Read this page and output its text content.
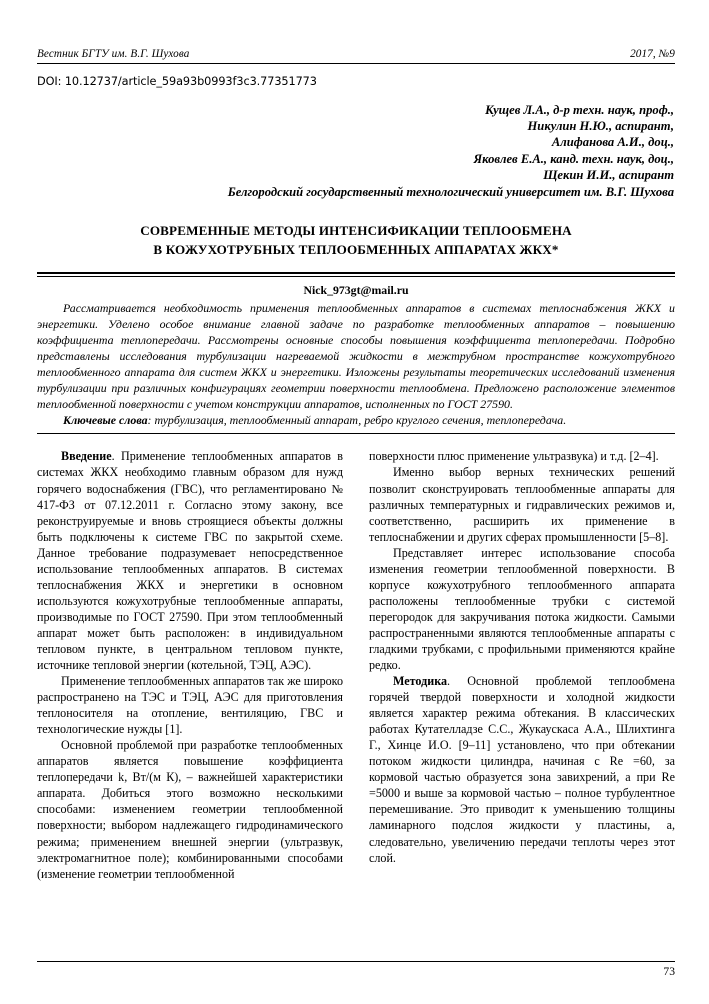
Вестник БГТУ им. В.Г. Шухова	2017, №9
DOI: 10.12737/article_59a93b0993f3c3.77351773
Кущев Л.А., д-р техн. наук, проф.,
Никулин Н.Ю., аспирант,
Алифанова А.И., доц.,
Яковлев Е.А., канд. техн. наук, доц.,
Щекин И.И., аспирант
Белгородский государственный технологический университет им. В.Г. Шухова
СОВРЕМЕННЫЕ МЕТОДЫ ИНТЕНСИФИКАЦИИ ТЕПЛООБМЕНА
В КОЖУХОТРУБНЫХ ТЕПЛООБМЕННЫХ АППАРАТАХ ЖКХ*
Nick_973gt@mail.ru

Рассматривается необходимость применения теплообменных аппаратов в системах теплоснабжения ЖКХ и энергетики. Уделено особое внимание главной задаче по разработке теплообменных аппаратов – повышению коэффициента теплопередачи. Рассмотрены основные способы повышения коэффициента теплопередачи. Подробно представлены исследования турбулизации нагреваемой жидкости в межтрубном пространстве кожухотрубного теплообменного аппарата для систем ЖКХ и энергетики. Изложены результаты теоретических исследований изменения турбулизации при различных конфигурациях геометрии поверхности теплообмена. Предложено расположение элементов теплообменной поверхности с учетом конструкции аппаратов, исполненных по ГОСТ 27590.

Ключевые слова: турбулизация, теплообменный аппарат, ребро круглого сечения, теплопередача.

Введение. Применение теплообменных аппаратов в системах ЖКХ необходимо главным образом для нужд горячего водоснабжения (ГВС), что регламентировано № 417-ФЗ от 07.12.2011 г. Согласно этому закону, все реконструируемые и вновь строящиеся объекты должны быть подключены к системе ГВС по закрытой схеме. Данное требование подразумевает непосредственное использование теплообменных аппаратов. В системах теплоснабжения ЖКХ и энергетики в основном используются кожухотрубные теплообменные аппараты, производимые по ГОСТ 27590. При этом теплообменный аппарат может быть расположен: в индивидуальном тепловом пункте, в центральном тепловом пункте, источнике тепловой энергии (котельной, ТЭЦ, АЭС).

Применение теплообменных аппаратов так же широко распространено на ТЭС и ТЭЦ, АЭС для приготовления теплоносителя на отопление, вентиляцию, ГВС и технологические нужды [1].

Основной проблемой при разработке теплообменных аппаратов является повышение коэффициента теплопередачи k, Вт/(м К), – важнейшей характеристики аппарата. Добиться этого возможно несколькими способами: изменением геометрии теплообменной поверхности; выбором надлежащего гидродинамического режима; применением внешней энергии (ультразвук, электромагнитное поле); комбинированными способами (изменение геометрии теплообменной

поверхности плюс применение ультразвука) и т.д. [2–4].

Именно выбор верных технических решений позволит сконструировать теплообменные аппараты для различных температурных и гидравлических режимов и, соответственно, расширить их применение в теплоснабжении и других сферах промышленности [5–8].

Представляет интерес использование способа изменения геометрии теплообменной поверхности. В корпусе кожухотрубного теплообменного аппарата расположены теплообменные трубки с системой перегородок для закручивания потока жидкости. Самыми распространенными являются теплообменные аппараты с гладкими трубками, с профильными применяются крайне редко.

Методика. Основной проблемой теплообмена горячей твердой поверхности и холодной жидкости является характер режима обтекания. В классических работах Кутателладзе С.С., Жукаускаса А.А., Шлихтинга Г., Хинце И.О. [9–11] установлено, что при обтекании потоком жидкости цилиндра, начиная с Re =60, за кормовой частью образуется зона завихрений, а при Re =5000 и выше за кормовой частью – полное турбулентное перемешивание. Это приводит к уменьшению толщины ламинарного подслоя жидкости у пластины, а, следовательно, увеличению передачи теплоты через этот слой.

73
